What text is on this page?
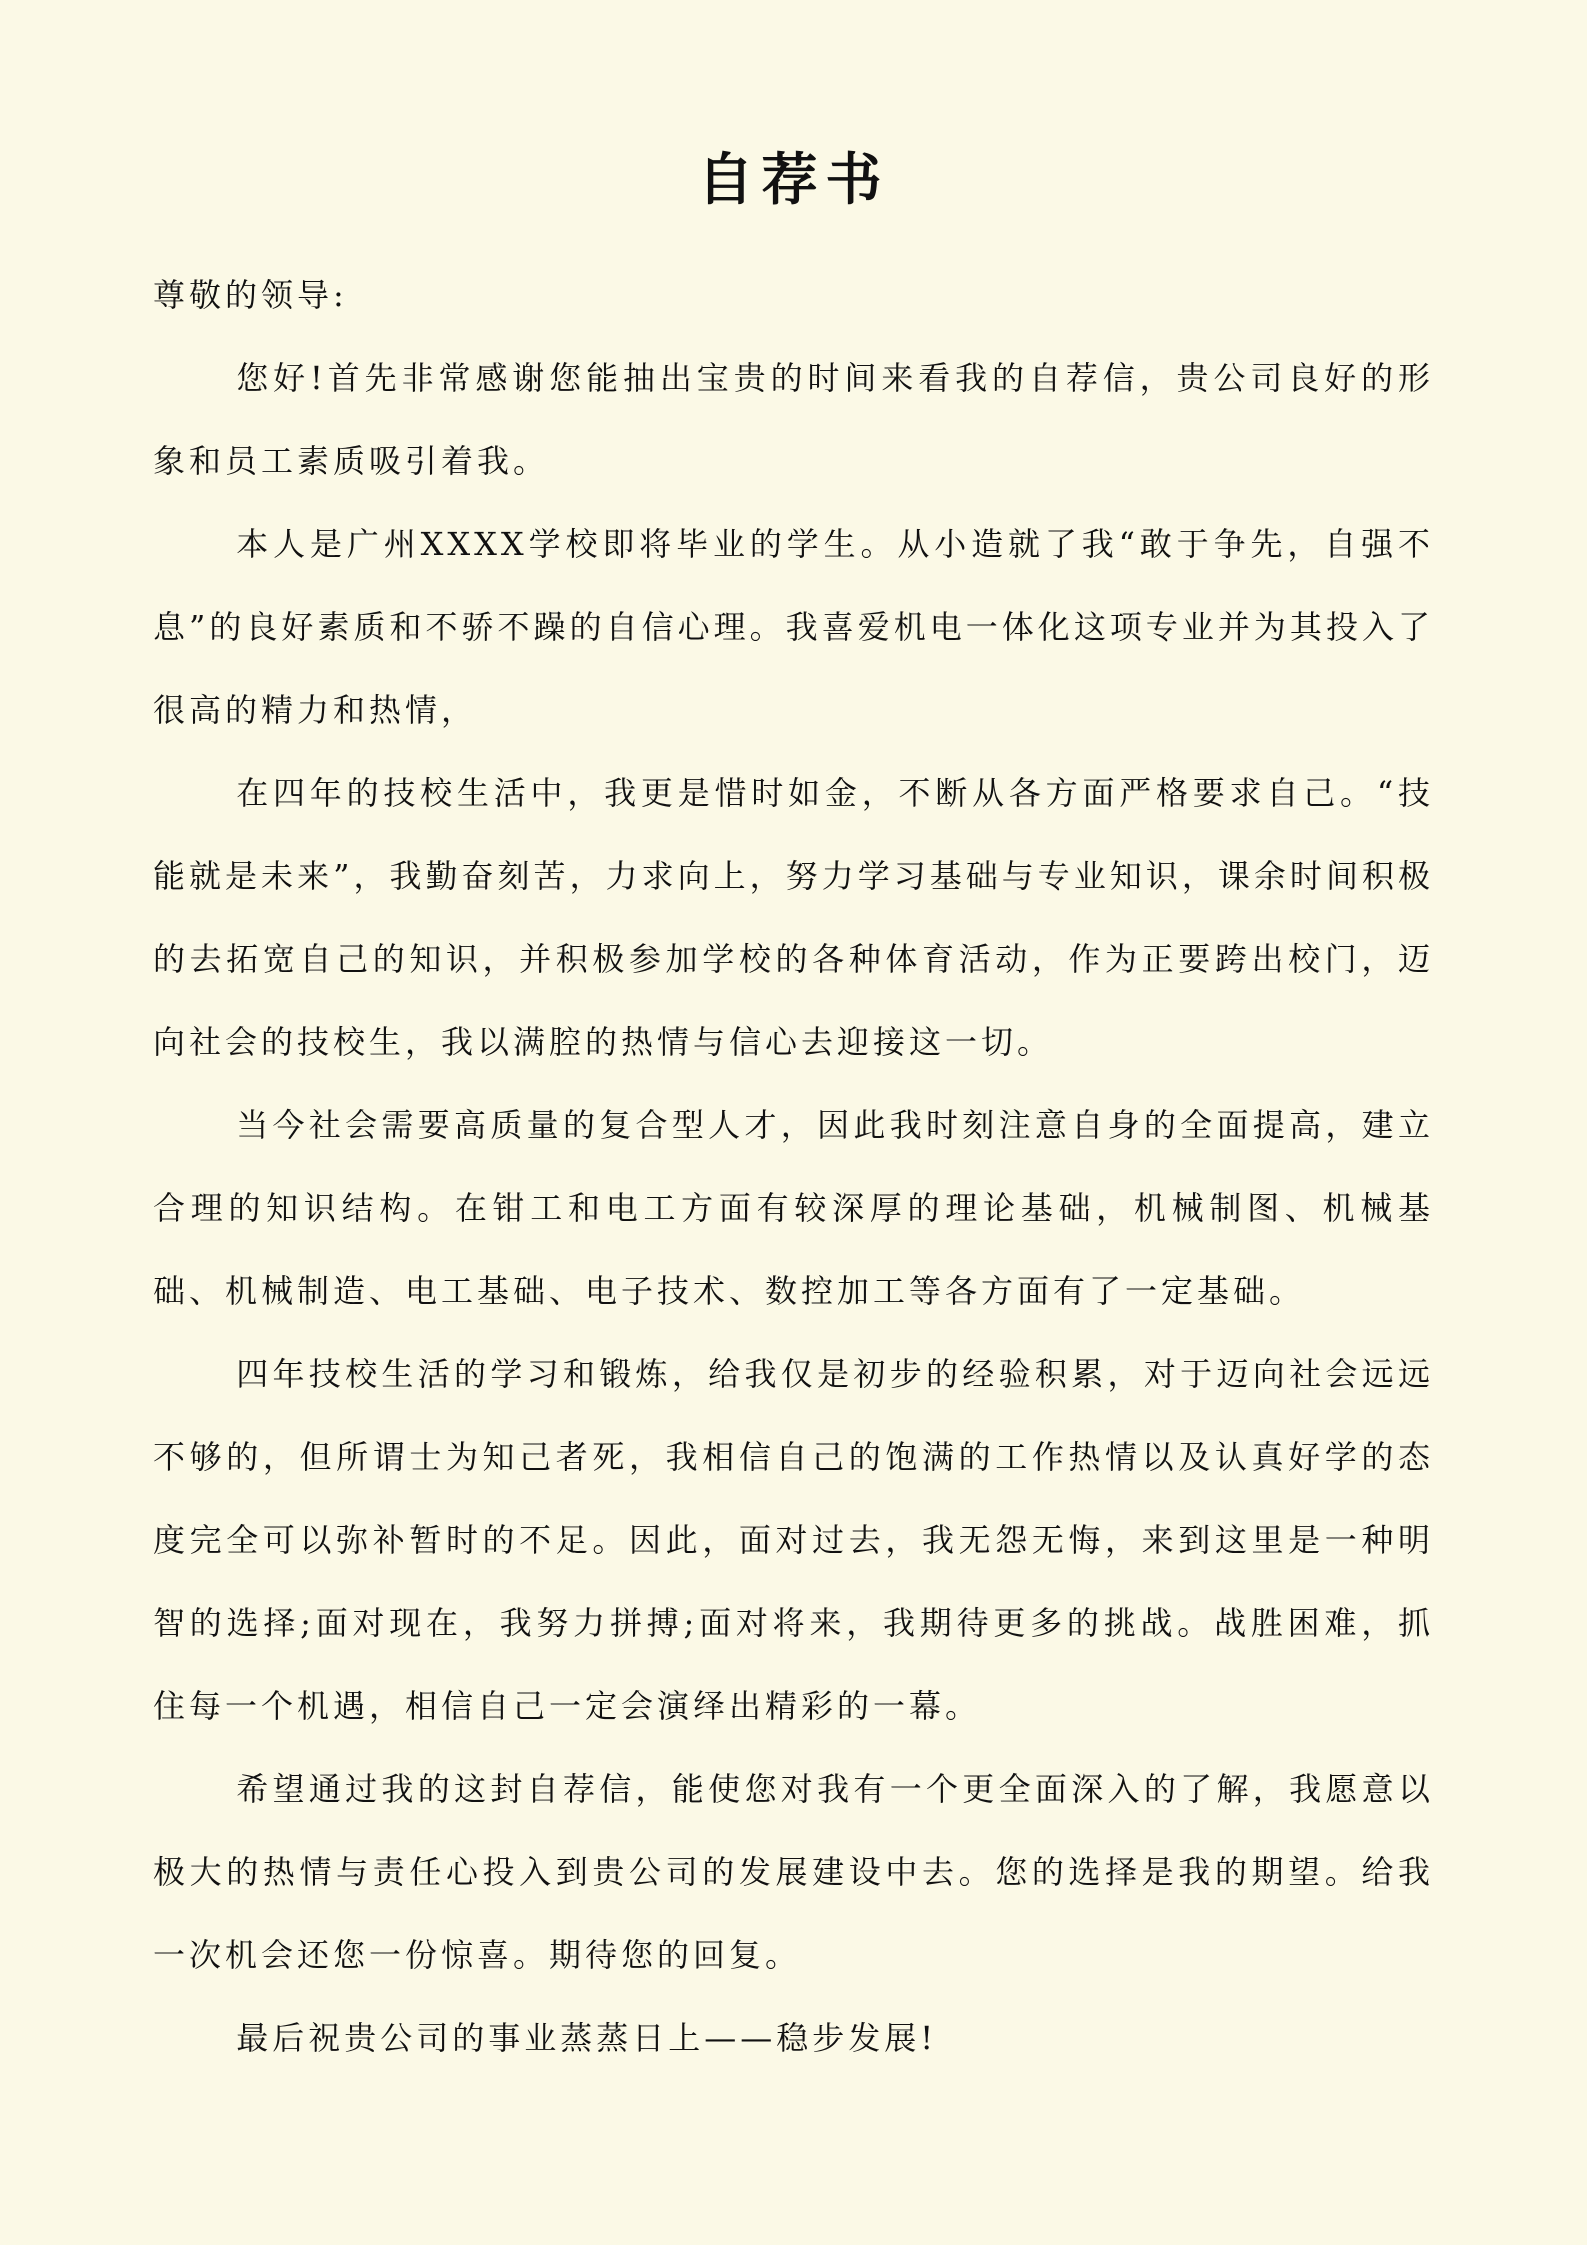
自荐书

尊敬的领导:

您好!首先非常感谢您能抽出宝贵的时间来看我的自荐信，贵公司良好的形象和员工素质吸引着我。

本人是广州XXXX学校即将毕业的学生。从小造就了我“敢于争先，自强不息”的良好素质和不骄不躁的自信心理。我喜爱机电一体化这项专业并为其投入了很高的精力和热情，

在四年的技校生活中，我更是惜时如金，不断从各方面严格要求自己。“技能就是未来”，我勤奋刻苦，力求向上，努力学习基础与专业知识，课余时间积极的去拓宽自己的知识，并积极参加学校的各种体育活动，作为正要跨出校门，迈向社会的技校生，我以满腔的热情与信心去迎接这一切。

当今社会需要高质量的复合型人才，因此我时刻注意自身的全面提高，建立合理的知识结构。在钳工和电工方面有较深厚的理论基础，机械制图、机械基础、机械制造、电工基础、电子技术、数控加工等各方面有了一定基础。

四年技校生活的学习和锻炼，给我仅是初步的经验积累，对于迈向社会远远不够的，但所谓士为知己者死，我相信自己的饱满的工作热情以及认真好学的态度完全可以弥补暂时的不足。因此，面对过去，我无怨无悔，来到这里是一种明智的选择;面对现在，我努力拼搏;面对将来，我期待更多的挑战。战胜困难，抓住每一个机遇，相信自己一定会演绎出精彩的一幕。

希望通过我的这封自荐信，能使您对我有一个更全面深入的了解，我愿意以极大的热情与责任心投入到贵公司的发展建设中去。您的选择是我的期望。给我一次机会还您一份惊喜。期待您的回复。

最后祝贵公司的事业蒸蒸日上——稳步发展!
